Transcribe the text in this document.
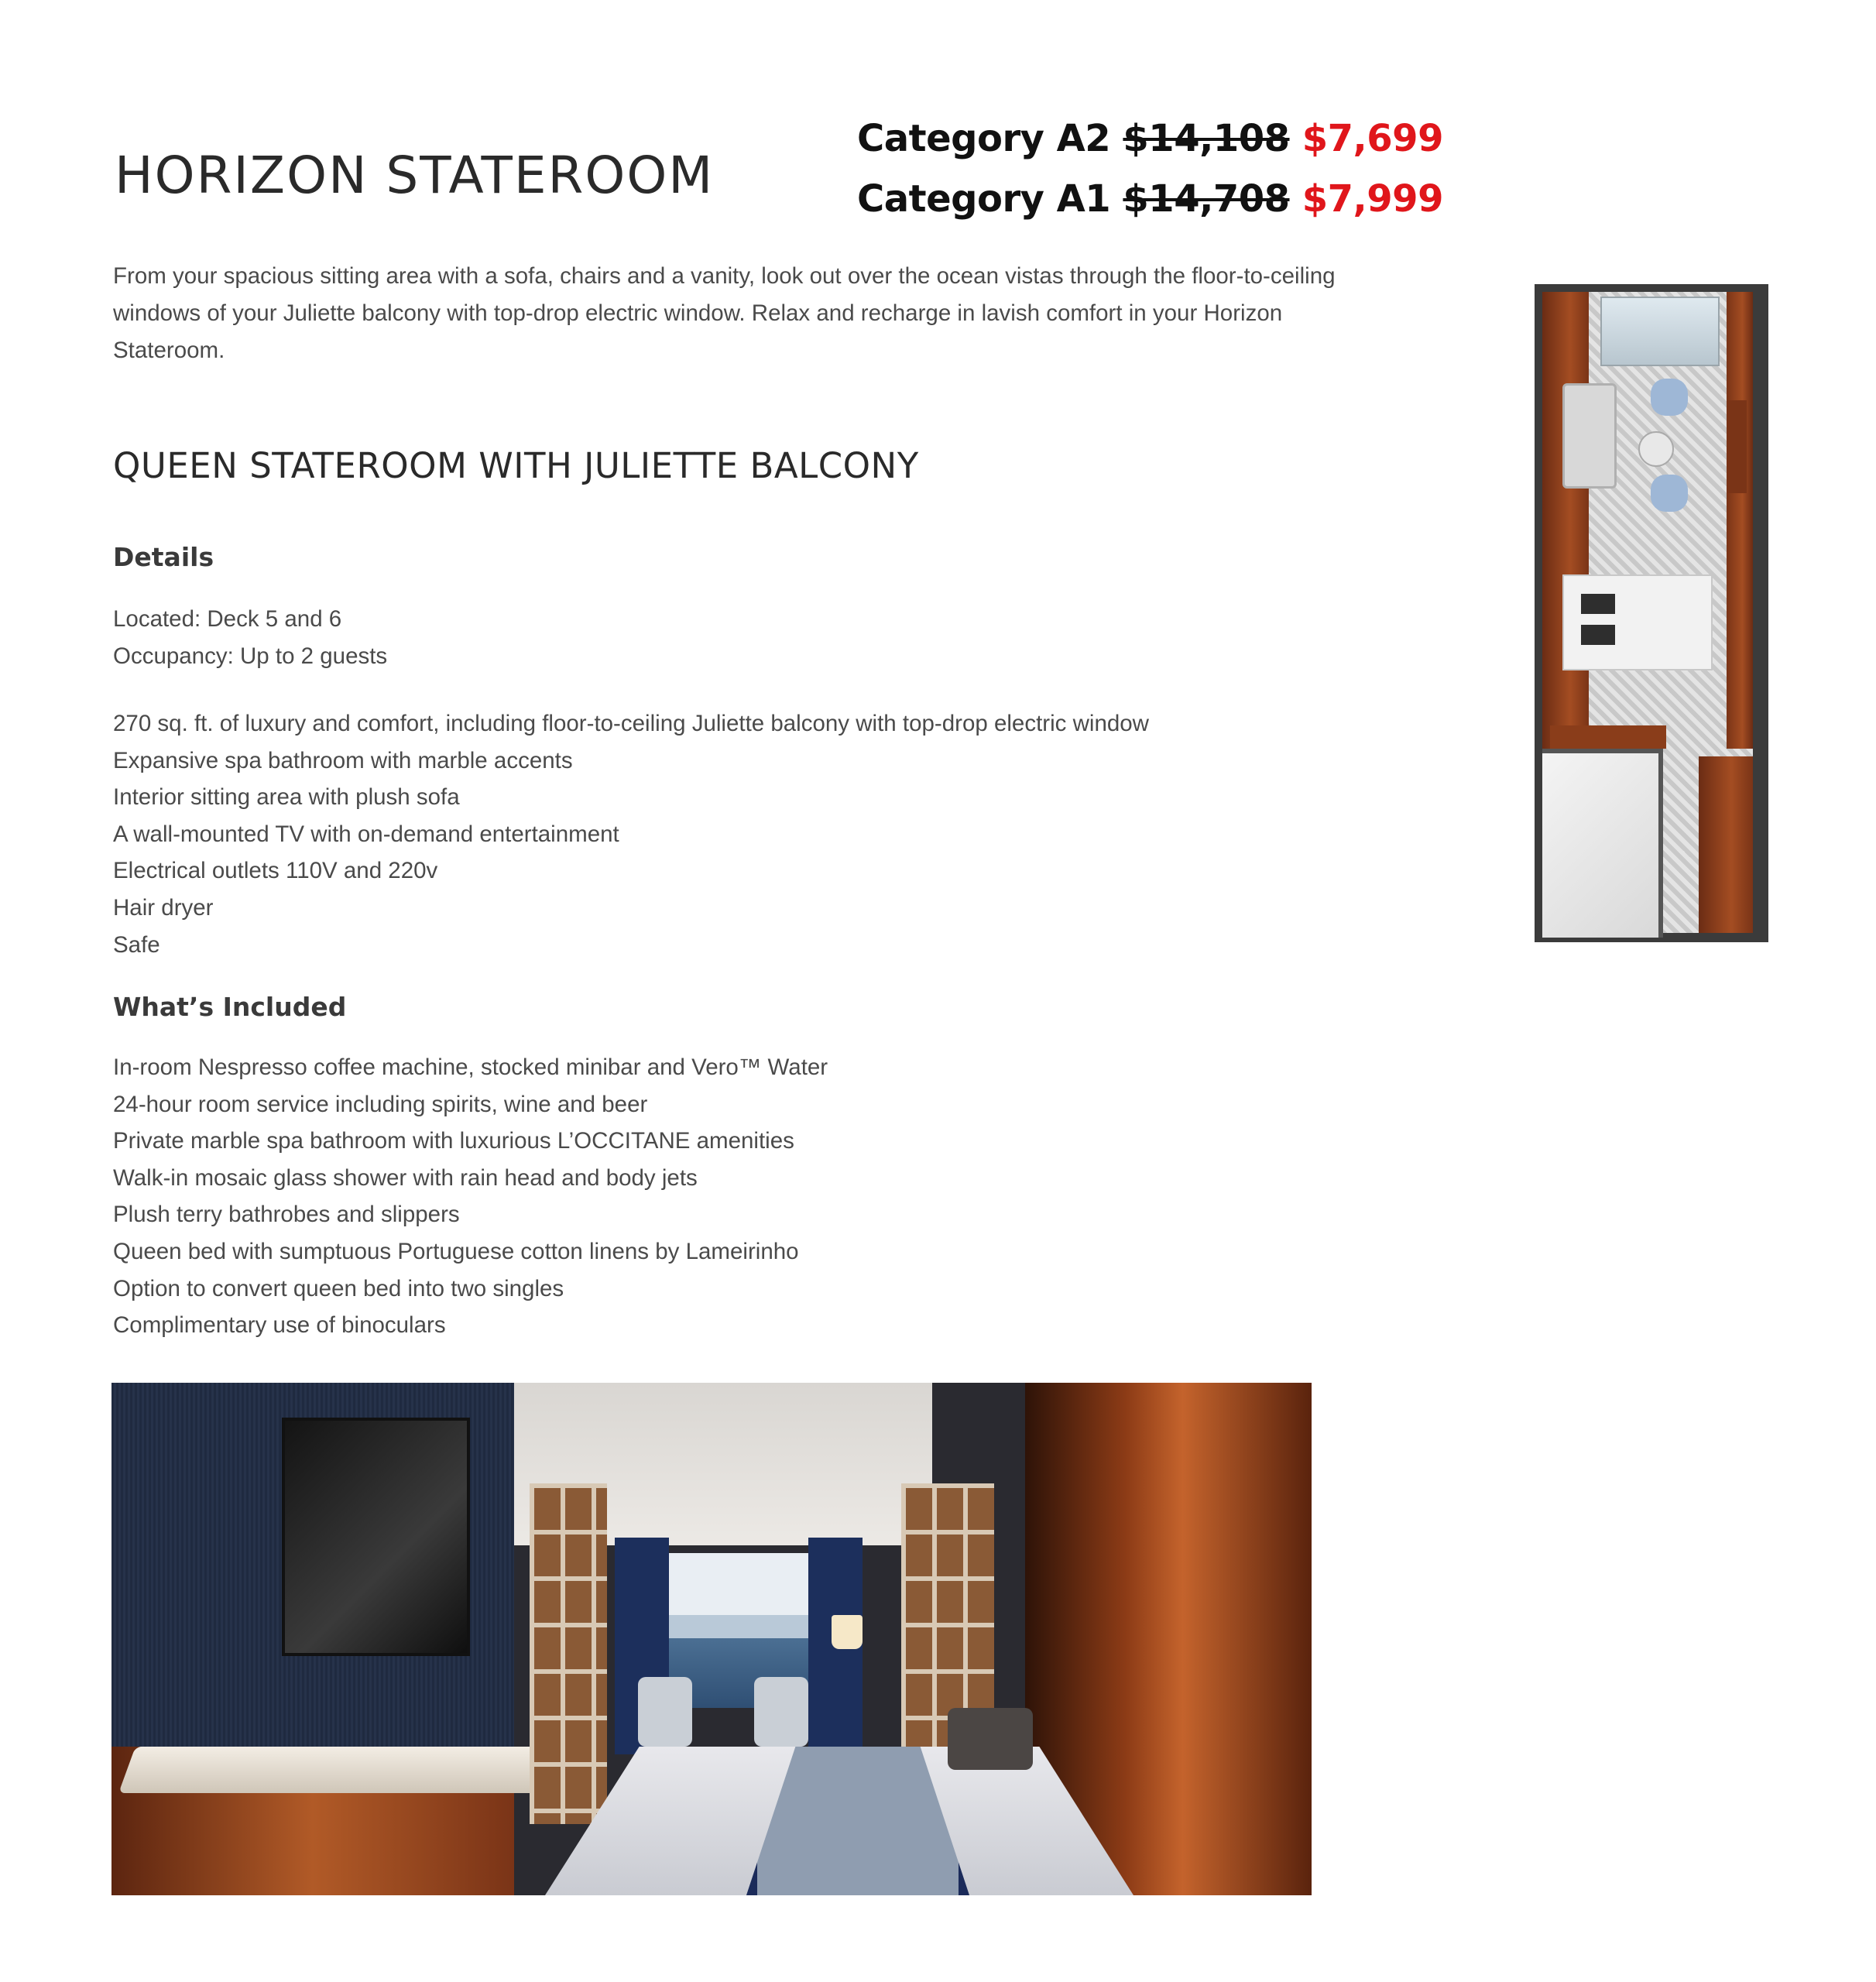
HORIZON STATEROOM
Category A2 $14,108 $7,699
Category A1 $14,708 $7,999

From your spacious sitting area with a sofa, chairs and a vanity, look out over the ocean vistas through the floor-to-ceiling windows of your Juliette balcony with top-drop electric window. Relax and recharge in lavish comfort in your Horizon Stateroom.

QUEEN STATEROOM WITH JULIETTE BALCONY
Details
Located: Deck 5 and 6
Occupancy: Up to 2 guests
270 sq. ft. of luxury and comfort, including floor-to-ceiling Juliette balcony with top-drop electric window
Expansive spa bathroom with marble accents
Interior sitting area with plush sofa
A wall-mounted TV with on-demand entertainment
Electrical outlets 110V and 220v
Hair dryer
Safe
What’s Included
In-room Nespresso coffee machine, stocked minibar and Vero™ Water
24-hour room service including spirits, wine and beer
Private marble spa bathroom with luxurious L’OCCITANE amenities
Walk-in mosaic glass shower with rain head and body jets
Plush terry bathrobes and slippers
Queen bed with sumptuous Portuguese cotton linens by Lameirinho
Option to convert queen bed into two singles
Complimentary use of binoculars
